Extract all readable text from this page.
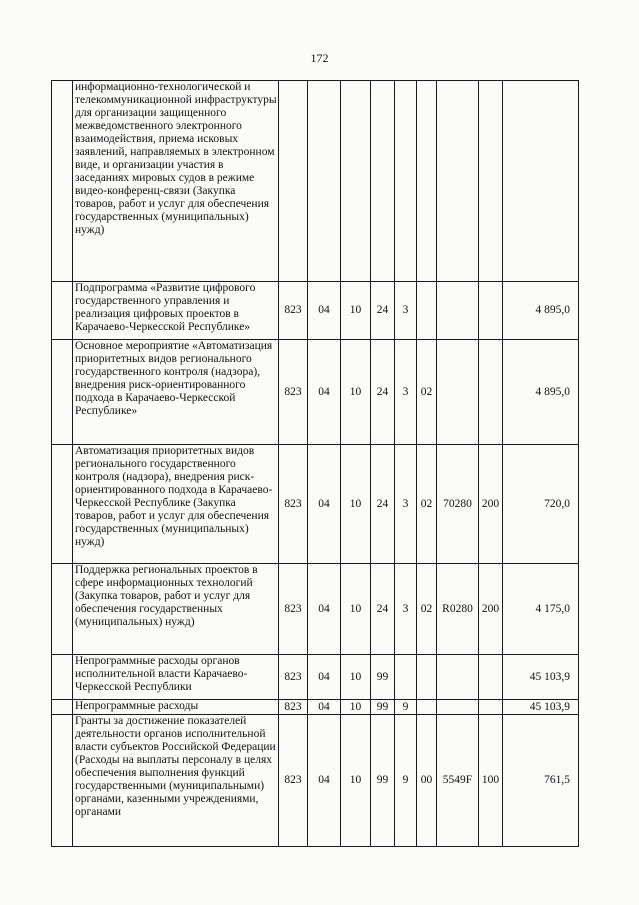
172
	информационно-технологической и телекоммуникационной инфраструктуры для организации защищенного межведомственного электронного взаимодействия, приема исковых заявлений, направляемых в электронном виде, и организации участия в заседаниях мировых судов в режиме видео-конференц-связи (Закупка товаров, работ и услуг для обеспечения государственных (муниципальных) нужд)									
	Подпрограмма «Развитие цифрового государственного управления и реализация цифровых проектов в Карачаево-Черкесской Республике»	823	04	10	24	3				4 895,0
	Основное мероприятие «Автоматизация приоритетных видов регионального государственного контроля (надзора), внедрения риск-ориентированного подхода в Карачаево-Черкесской Республике»	823	04	10	24	3	02			4 895,0
	Автоматизация приоритетных видов регионального государственного контроля (надзора), внедрения риск-ориентированного подхода в Карачаево-Черкесской Республике (Закупка товаров, работ и услуг для обеспечения государственных (муниципальных) нужд)	823	04	10	24	3	02	70280	200	720,0
	Поддержка региональных проектов в сфере информационных технологий (Закупка товаров, работ и услуг для обеспечения государственных (муниципальных) нужд)	823	04	10	24	3	02	R0280	200	4 175,0
	Непрограммные расходы органов исполнительной власти Карачаево-Черкесской Республики	823	04	10	99					45 103,9
	Непрограммные расходы	823	04	10	99	9				45 103,9
	Гранты за достижение показателей деятельности органов исполнительной власти субъектов Российской Федерации (Расходы на выплаты персоналу в целях обеспечения выполнения функций государственными (муниципальными) органами, казенными учреждениями, органами	823	04	10	99	9	00	5549F	100	761,5
